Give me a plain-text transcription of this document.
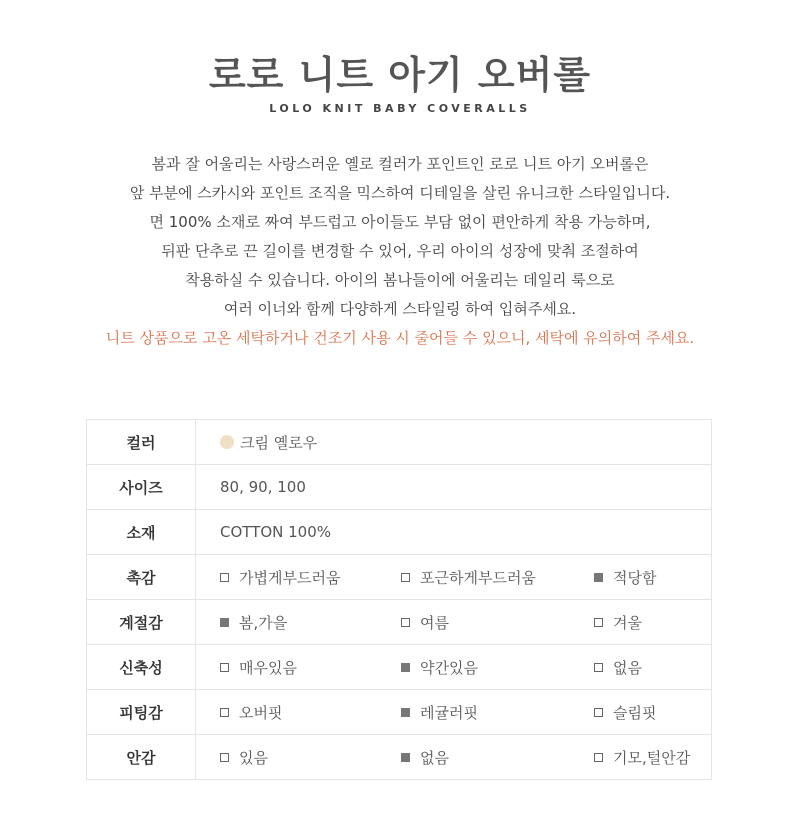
로로 니트 아기 오버롤
LOLO KNIT BABY COVERALLS
봄과 잘 어울리는 사랑스러운 옐로 컬러가 포인트인 로로 니트 아기 오버롤은
앞 부분에 스카시와 포인트 조직을 믹스하여 디테일을 살린 유니크한 스타일입니다.
면 100% 소재로 짜여 부드럽고 아이들도 부담 없이 편안하게 착용 가능하며,
뒤판 단추로 끈 길이를 변경할 수 있어, 우리 아이의 성장에 맞춰 조절하여
착용하실 수 있습니다. 아이의 봄나들이에 어울리는 데일리 룩으로
여러 이너와 함께 다양하게 스타일링 하여 입혀주세요.
니트 상품으로 고온 세탁하거나 건조기 사용 시 줄어들 수 있으니, 세탁에 유의하여 주세요.
컬러	크림 옐로우
사이즈	80, 90, 100
소재	COTTON 100%
촉감	가볍게부드러움 포근하게부드러움 적당함

계절감	봄,가을 여름 겨울

신축성	매우있음 약간있음 없음

피팅감	오버핏 레귤러핏 슬림핏

안감	있음 없음 기모,털안감
